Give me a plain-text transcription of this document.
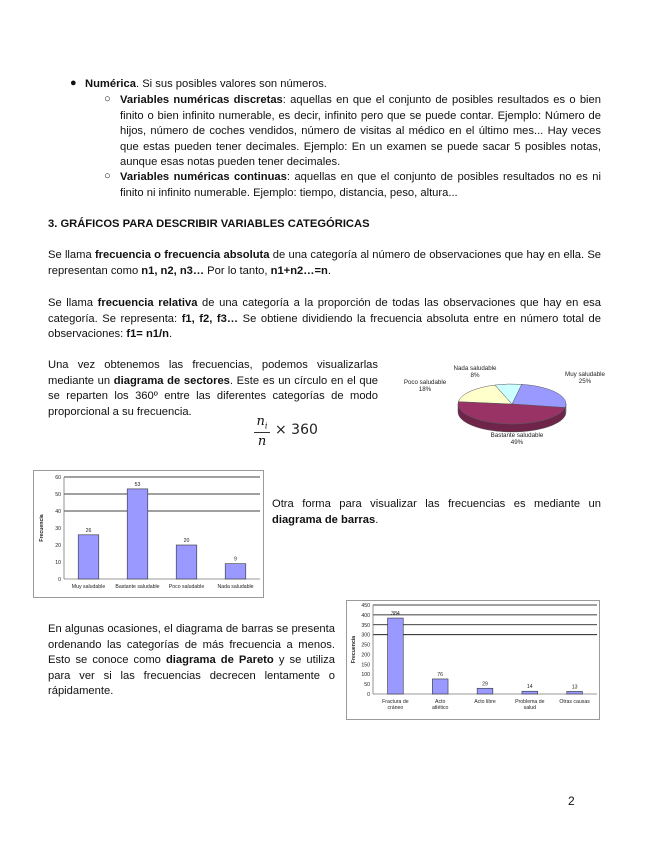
● Numérica. Si sus posibles valores son números.

○ Variables numéricas discretas: aquellas en que el conjunto de posibles resultados es o bien finito o bien infinito numerable, es decir, infinito pero que se puede contar. Ejemplo: Número de hijos, número de coches vendidos, número de visitas al médico en el último mes... Hay veces que estas pueden tener decimales. Ejemplo: En un examen se puede sacar 5 posibles notas, aunque esas notas pueden tener decimales.

○ Variables numéricas continuas: aquellas en que el conjunto de posibles resultados no es ni finito ni infinito numerable. Ejemplo: tiempo, distancia, peso, altura...

3. GRÁFICOS PARA DESCRIBIR VARIABLES CATEGÓRICAS

Se llama frecuencia o frecuencia absoluta de una categoría al número de observaciones que hay en ella. Se representan como n1, n2, n3… Por lo tanto, n1+n2…=n.

Se llama frecuencia relativa de una categoría a la proporción de todas las observaciones que hay en esa categoría. Se representa: f1, f2, f3… Se obtiene dividiendo la frecuencia absoluta entre en número total de observaciones: f1= n1/n.

Una vez obtenemos las frecuencias, podemos visualizarlas mediante un diagrama de sectores. Este es un círculo en el que se reparten los 360º entre las diferentes categorías de modo proporcional a su frecuencia.

$n_i$
n
× 360
Muy saludable
25%
Bastante saludable
49%
Poco saludable
18%
Nada saludable
8%
0
10
20
30
40
50
60
Frecuencia	26
Muy saludable
53
Bastante saludable
20
Poco saludable
9
Nada saludable

Otra forma para visualizar las frecuencias es mediante un diagrama de barras.

En algunas ocasiones, el diagrama de barras se presenta ordenando las categorías de más frecuencia a menos. Esto se conoce como diagrama de Pareto y se utiliza para ver si las frecuencias decrecen lentamente o rápidamente.	0
50
100
150
200
250
300
350
400
450
Frecuencia
384
Fractura de
cráneo
76
Acto
atlético
29
Acto libre
14
Problema de
salud
13
Otras causas
2
